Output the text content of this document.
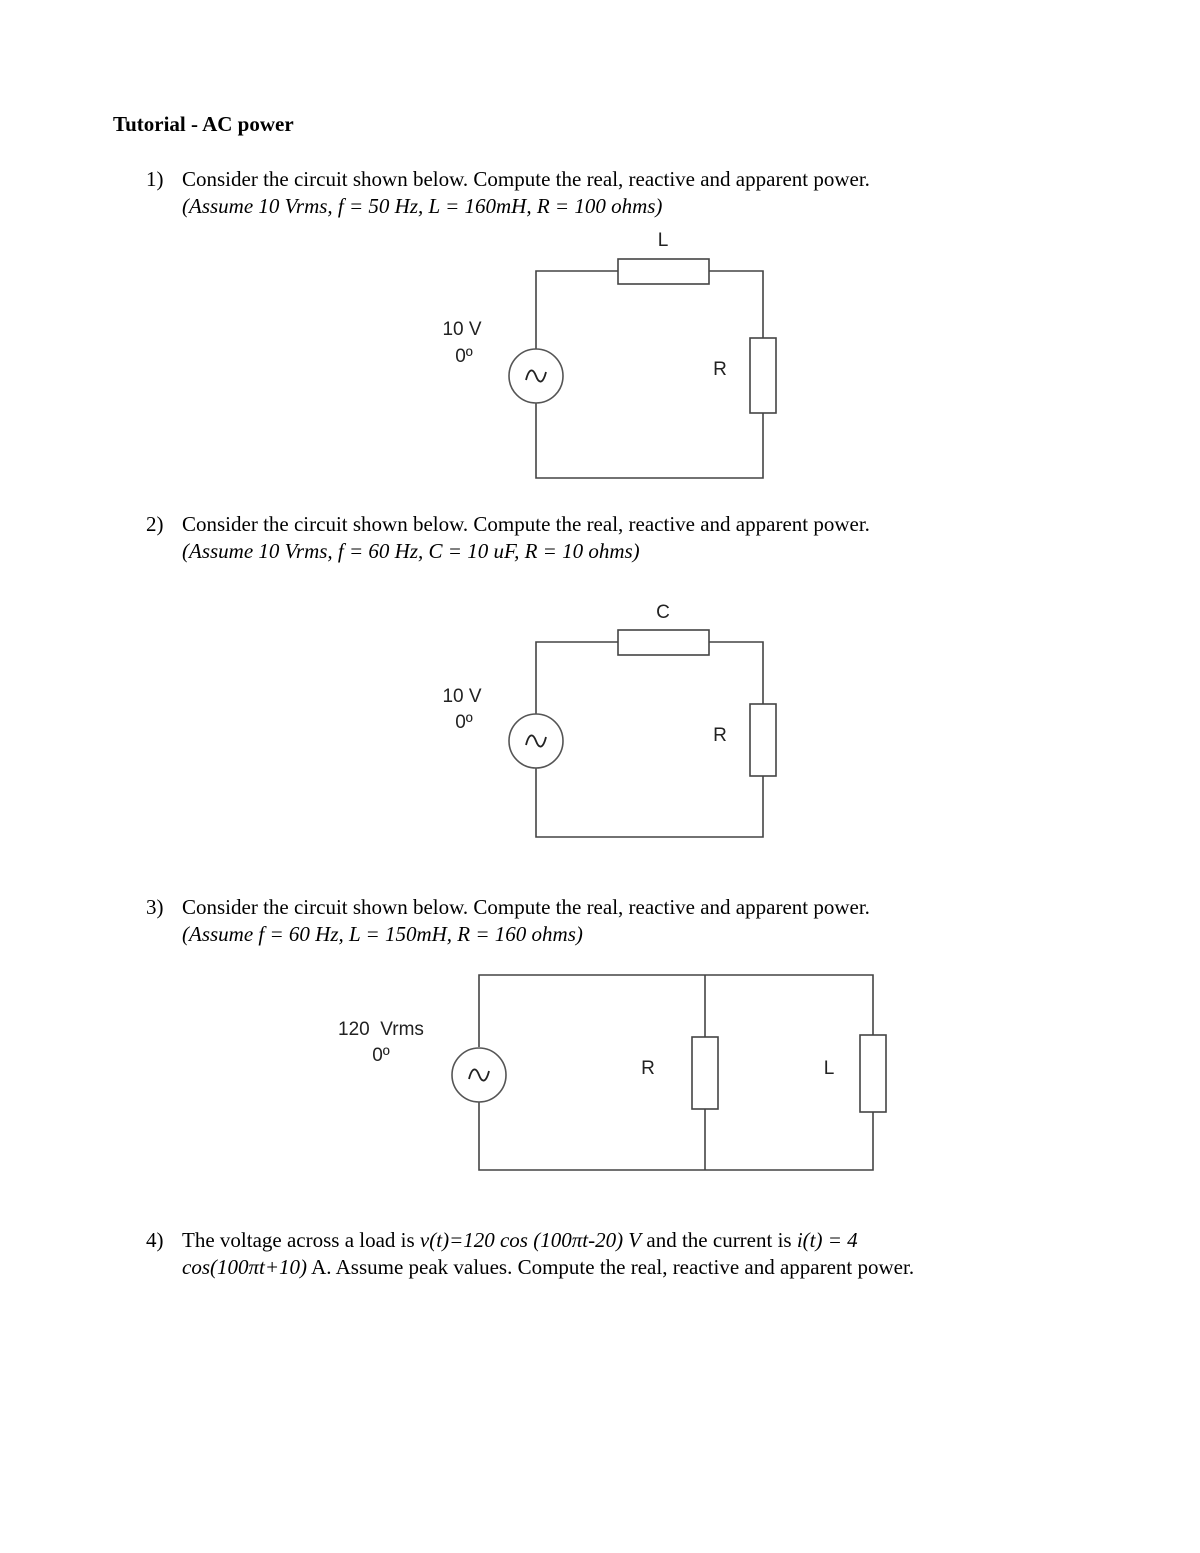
Tutorial - AC power
1) Consider the circuit shown below. Compute the real, reactive and apparent power.
(Assume 10 Vrms, f = 50 Hz, L = 160mH, R = 100 ohms)
L
R
10 V
0º
2) Consider the circuit shown below. Compute the real, reactive and apparent power.
(Assume 10 Vrms, f = 60 Hz, C = 10 uF, R = 10 ohms)
C
R
10 V
0º
3) Consider the circuit shown below. Compute the real, reactive and apparent power.
(Assume f = 60 Hz, L = 150mH, R = 160 ohms)
R	L
120  Vrms
0º
4) The voltage across a load is v(t)=120 cos (100πt-20) V and the current is i(t) = 4
cos(100πt+10) A. Assume peak values. Compute the real, reactive and apparent power.
